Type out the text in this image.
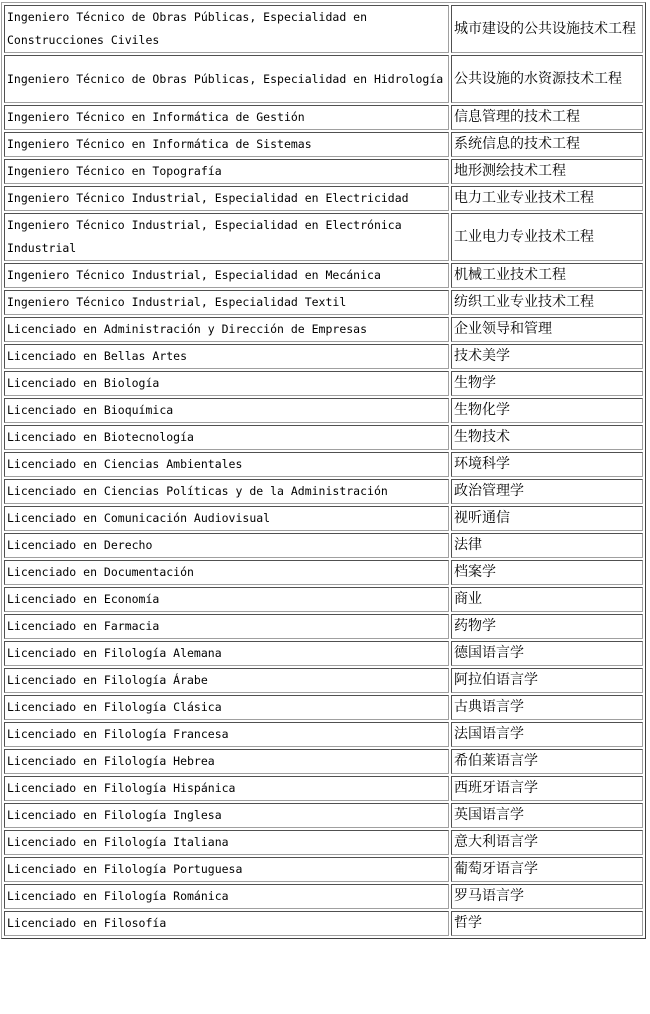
Ingeniero Técnico de Obras Públicas, Especialidad en Construcciones Civiles	城市建设的公共设施技术工程
Ingeniero Técnico de Obras Públicas, Especialidad en Hidrología	公共设施的水资源技术工程
Ingeniero Técnico en Informática de Gestión	信息管理的技术工程
Ingeniero Técnico en Informática de Sistemas	系统信息的技术工程
Ingeniero Técnico en Topografía	地形测绘技术工程
Ingeniero Técnico Industrial, Especialidad en Electricidad	电力工业专业技术工程
Ingeniero Técnico Industrial, Especialidad en Electrónica Industrial	工业电力专业技术工程
Ingeniero Técnico Industrial, Especialidad en Mecánica	机械工业技术工程
Ingeniero Técnico Industrial, Especialidad Textil	纺织工业专业技术工程
Licenciado en Administración y Dirección de Empresas	企业领导和管理
Licenciado en Bellas Artes	技术美学
Licenciado en Biología	生物学
Licenciado en Bioquímica	生物化学
Licenciado en Biotecnología	生物技术
Licenciado en Ciencias Ambientales	环境科学
Licenciado en Ciencias Políticas y de la Administración	政治管理学
Licenciado en Comunicación Audiovisual	视听通信
Licenciado en Derecho	法律
Licenciado en Documentación	档案学
Licenciado en Economía	商业
Licenciado en Farmacia	药物学
Licenciado en Filología Alemana	德国语言学
Licenciado en Filología Árabe	阿拉伯语言学
Licenciado en Filología Clásica	古典语言学
Licenciado en Filología Francesa	法国语言学
Licenciado en Filología Hebrea	希伯莱语言学
Licenciado en Filología Hispánica	西班牙语言学
Licenciado en Filología Inglesa	英国语言学
Licenciado en Filología Italiana	意大利语言学
Licenciado en Filología Portuguesa	葡萄牙语言学
Licenciado en Filología Románica	罗马语言学
Licenciado en Filosofía	哲学
